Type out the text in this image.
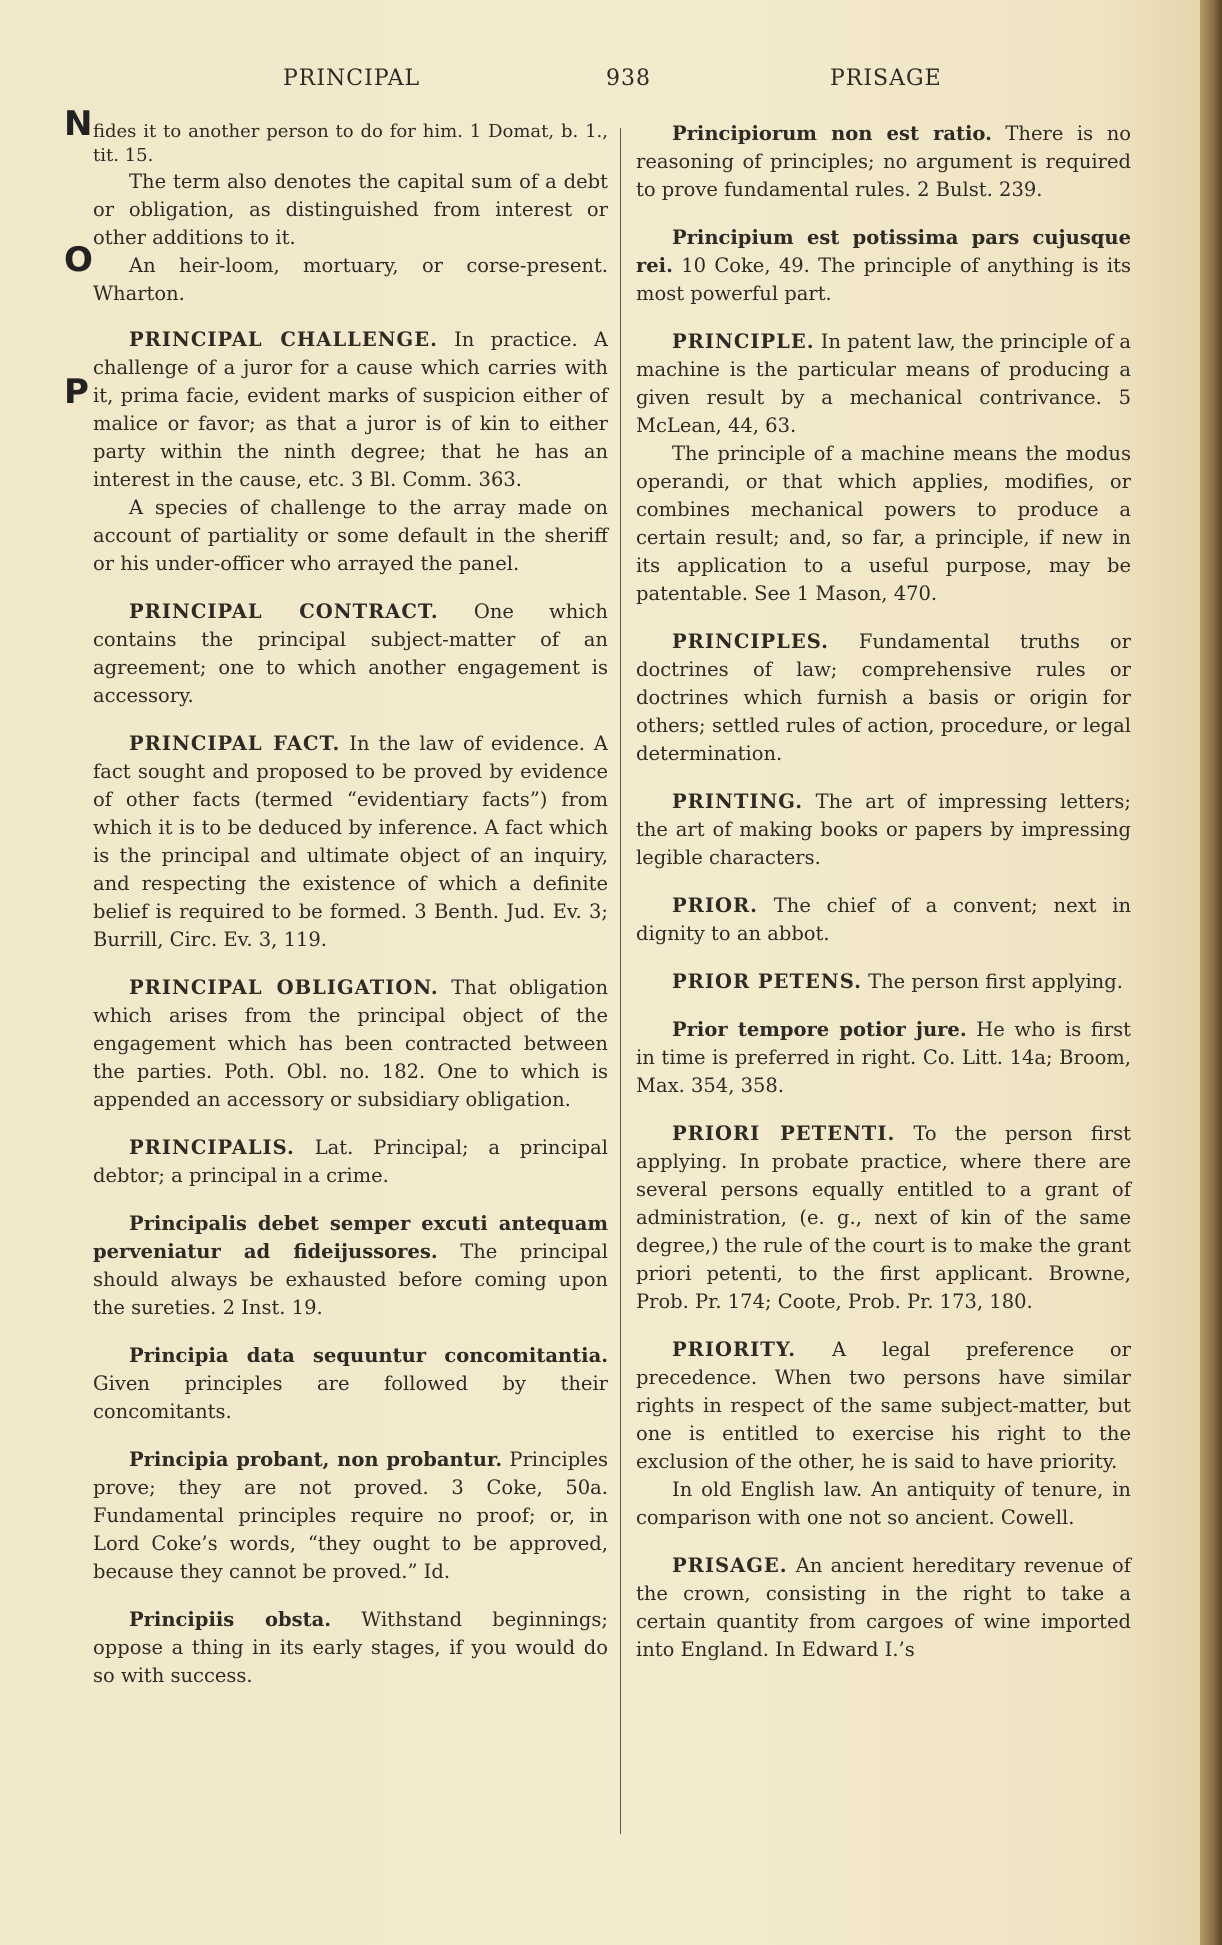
PRINCIPAL	938	PRISAGE
N
O
P
fides it to another person to do for him. 1 Domat, b. 1., tit. 15.
The term also denotes the capital sum of a debt or obligation, as distinguished from interest or other additions to it.
An heir-loom, mortuary, or corse-present. Wharton.
PRINCIPAL CHALLENGE. In practice. A challenge of a juror for a cause which carries with it, prima facie, evident marks of suspicion either of malice or favor; as that a juror is of kin to either party within the ninth degree; that he has an interest in the cause, etc. 3 Bl. Comm. 363.
A species of challenge to the array made on account of partiality or some default in the sheriff or his under-officer who arrayed the panel.
PRINCIPAL CONTRACT. One which contains the principal subject-matter of an agreement; one to which another engagement is accessory.
PRINCIPAL FACT. In the law of evidence. A fact sought and proposed to be proved by evidence of other facts (termed “evidentiary facts”) from which it is to be deduced by inference. A fact which is the principal and ultimate object of an inquiry, and respecting the existence of which a definite belief is required to be formed. 3 Benth. Jud. Ev. 3; Burrill, Circ. Ev. 3, 119.
PRINCIPAL OBLIGATION. That obligation which arises from the principal object of the engagement which has been contracted between the parties. Poth. Obl. no. 182. One to which is appended an accessory or subsidiary obligation.
PRINCIPALIS. Lat. Principal; a principal debtor; a principal in a crime.
Principalis debet semper excuti antequam perveniatur ad fideijussores. The principal should always be exhausted before coming upon the sureties. 2 Inst. 19.
Principia data sequuntur concomitantia. Given principles are followed by their concomitants.
Principia probant, non probantur. Principles prove; they are not proved. 3 Coke, 50a. Fundamental principles require no proof; or, in Lord Coke’s words, “they ought to be approved, because they cannot be proved.” Id.
Principiis obsta. Withstand beginnings; oppose a thing in its early stages, if you would do so with success.
Principiorum non est ratio. There is no reasoning of principles; no argument is required to prove fundamental rules. 2 Bulst. 239.
Principium est potissima pars cujusque rei. 10 Coke, 49. The principle of anything is its most powerful part.
PRINCIPLE. In patent law, the principle of a machine is the particular means of producing a given result by a mechanical contrivance. 5 McLean, 44, 63.
The principle of a machine means the modus operandi, or that which applies, modifies, or combines mechanical powers to produce a certain result; and, so far, a principle, if new in its application to a useful purpose, may be patentable. See 1 Mason, 470.
PRINCIPLES. Fundamental truths or doctrines of law; comprehensive rules or doctrines which furnish a basis or origin for others; settled rules of action, procedure, or legal determination.
PRINTING. The art of impressing letters; the art of making books or papers by impressing legible characters.
PRIOR. The chief of a convent; next in dignity to an abbot.
PRIOR PETENS. The person first applying.
Prior tempore potior jure. He who is first in time is preferred in right. Co. Litt. 14a; Broom, Max. 354, 358.
PRIORI PETENTI. To the person first applying. In probate practice, where there are several persons equally entitled to a grant of administration, (e. g., next of kin of the same degree,) the rule of the court is to make the grant priori petenti, to the first applicant. Browne, Prob. Pr. 174; Coote, Prob. Pr. 173, 180.
PRIORITY. A legal preference or precedence. When two persons have similar rights in respect of the same subject-matter, but one is entitled to exercise his right to the exclusion of the other, he is said to have priority.
In old English law. An antiquity of tenure, in comparison with one not so ancient. Cowell.
PRISAGE. An ancient hereditary revenue of the crown, consisting in the right to take a certain quantity from cargoes of wine imported into England. In Edward I.’s
